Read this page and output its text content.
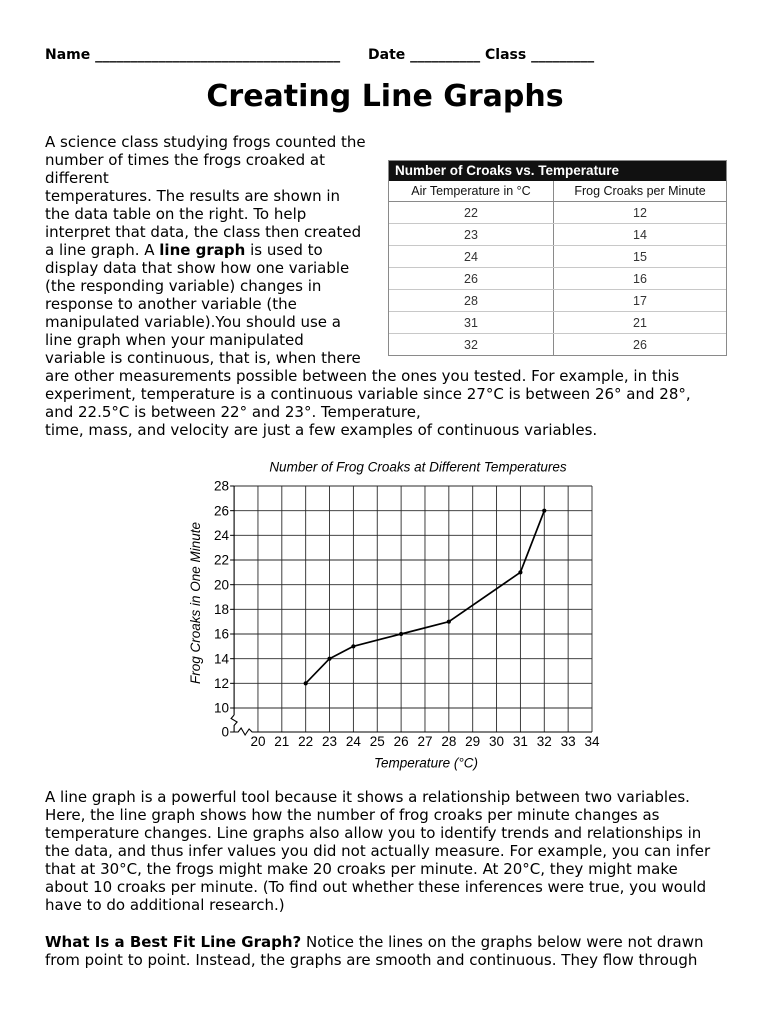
Name ___________________________________ Date __________ Class _________
Creating Line Graphs
A science class studying frogs counted the
number of times the frogs croaked at
different
temperatures. The results are shown in
the data table on the right. To help
interpret that data, the class then created
a line graph. A line graph is used to
display data that show how one variable
(the responding variable) changes in
response to another variable (the
manipulated variable).You should use a
line graph when your manipulated
variable is continuous, that is, when there
are other measurements possible between the ones you tested. For example, in this
experiment, temperature is a continuous variable since 27°C is between 26° and 28°,
and 22.5°C is between 22° and 23°. Temperature,
time, mass, and velocity are just a few examples of continuous variables.
Number of Croaks vs. Temperature
Air Temperature in °C	Frog Croaks per Minute
22	12
23	14
24	15
26	16
28	17
31	21
32	26
Number of Frog Croaks at Different Temperatures
0
10
12
14
16
18
20
22
24
26
28
20 21 22 23 24 25 26 27 28 29 30 31 32 33 34
Temperature (°C)
Frog Croaks in One Minute
A line graph is a powerful tool because it shows a relationship between two variables.
Here, the line graph shows how the number of frog croaks per minute changes as
temperature changes. Line graphs also allow you to identify trends and relationships in
the data, and thus infer values you did not actually measure. For example, you can infer
that at 30°C, the frogs might make 20 croaks per minute. At 20°C, they might make
about 10 croaks per minute. (To find out whether these inferences were true, you would
have to do additional research.)
What Is a Best Fit Line Graph? Notice the lines on the graphs below were not drawn
from point to point. Instead, the graphs are smooth and continuous. They flow through
